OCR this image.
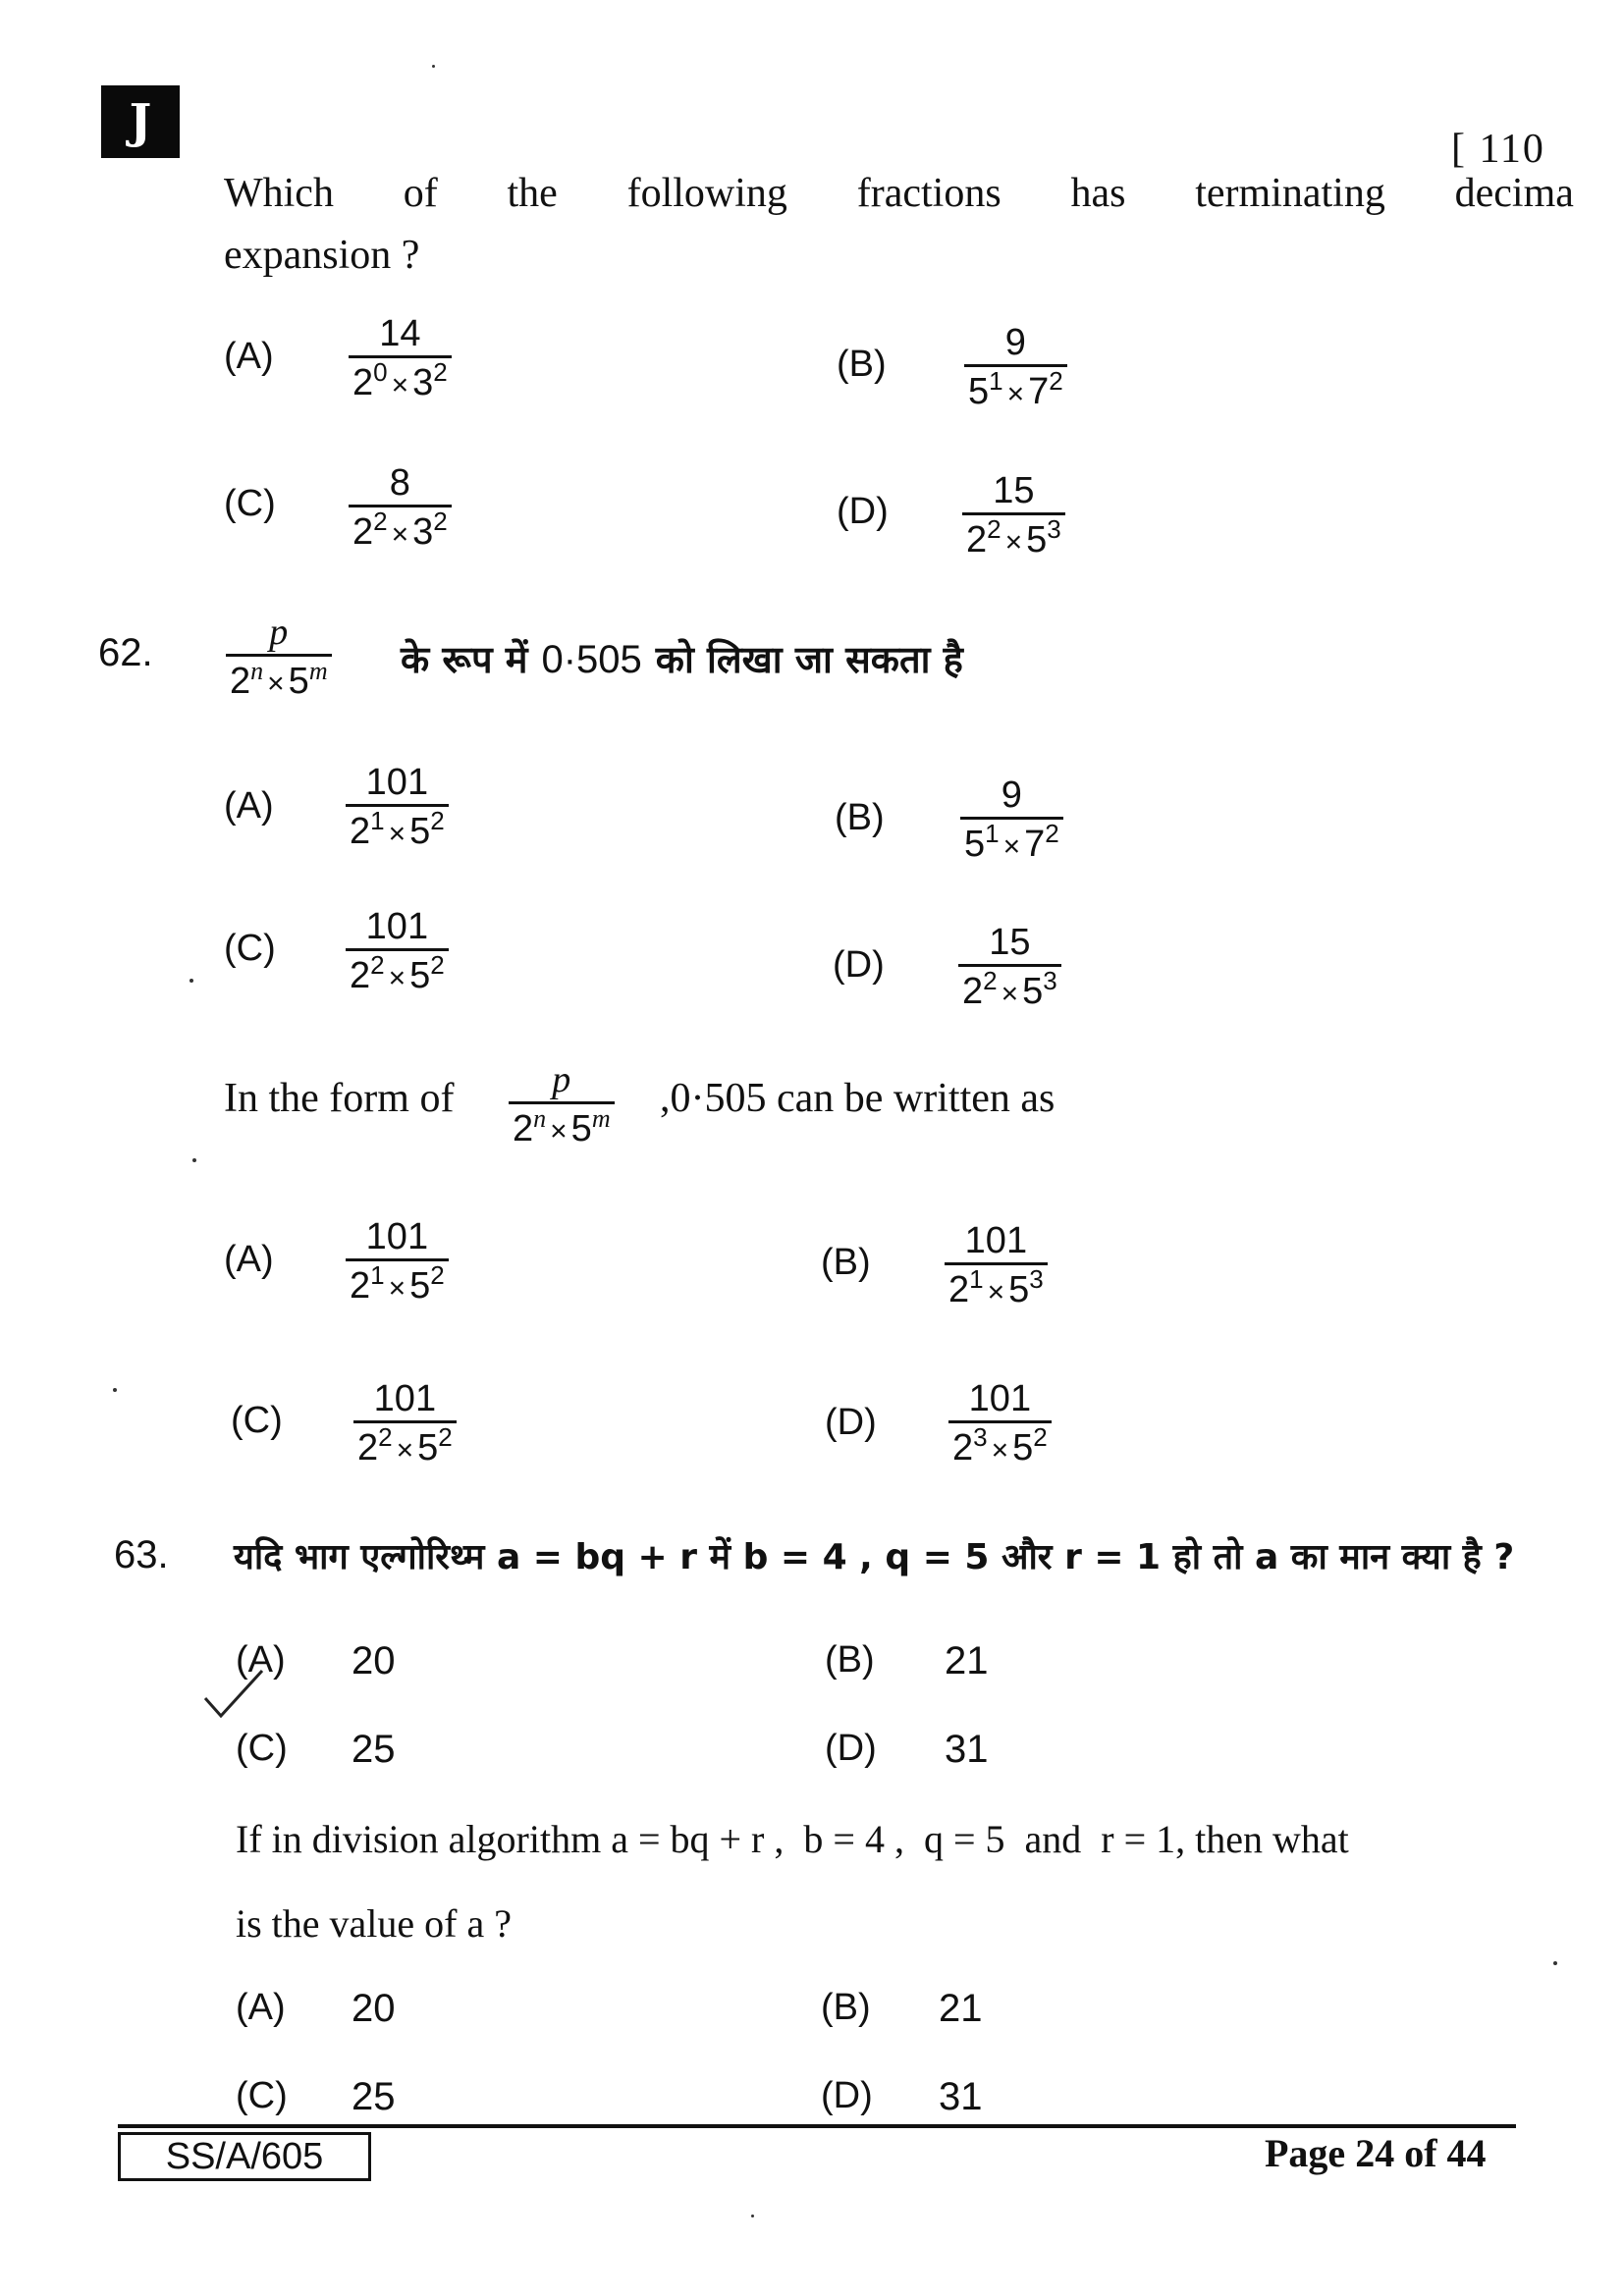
J	[ 110
Which of the following fractions has terminating decima
expansion ?
(A)
14
$2^0 \times 3^2$	(B)
9
$5^1 \times 7^2$
(C)	8
$2^2 \times 3^2$	(D)	15
$2^2 \times 5^3$
62.	p
$2^n \times 5^m$ के रूप में 0·505 को लिखा जा सकता है
(A)
101
$2^1 \times 5^2$	(B)
9
$5^1 \times 7^2$
(C)
101
$2^2 \times 5^2$	(D)
15
$2^2 \times 5^3$
In the form of	p
$2^n \times 5^m$ ,0·505 can be written as
(A)
101
$2^1 \times 5^2$	(B)
101
$2^1 \times 5^3$
(C)
101
$2^2 \times 5^2$	(D)
101
$2^3 \times 5^2$
63. यदि भाग एल्गोरिथ्म a = bq + r में b = 4 , q = 5 और r = 1 हो तो a का मान क्या है ?
(A) 20	(B) 21
(C) 25	(D) 31
If in division algorithm a = bq + r ,  b = 4 ,  q = 5  and  r = 1, then what
is the value of a ?
(A) 20	(B) 21
(C) 25	(D) 31
SS/A/605	Page 24 of 44
